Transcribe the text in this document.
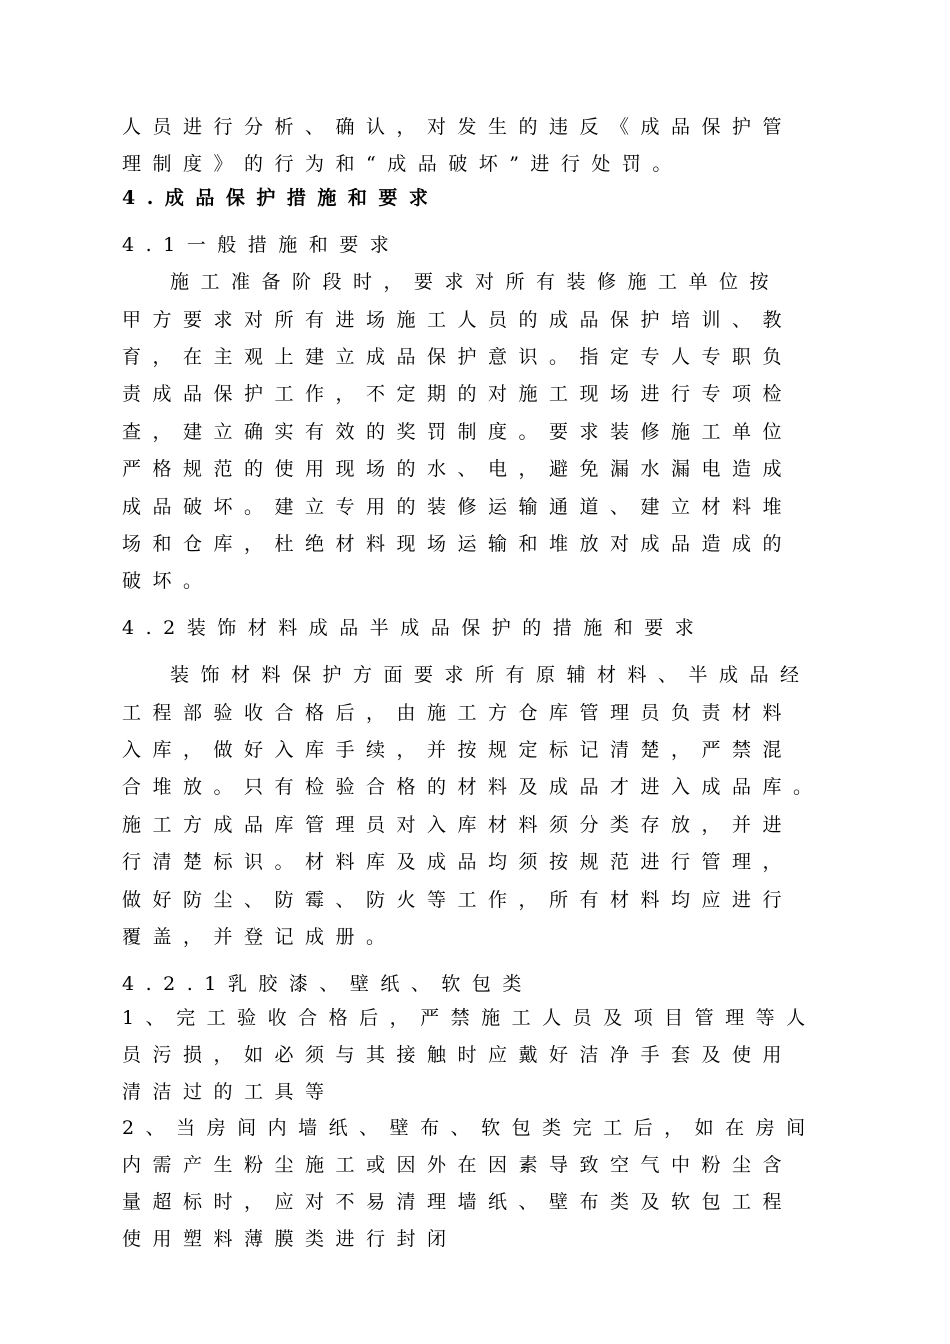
人员进行分析、确认，对发生的违反《成品保护管
理制度》的行为和“成品破坏”进行处罚。
4.成品保护措施和要求
4.1一般措施和要求
施工准备阶段时，要求对所有装修施工单位按
甲方要求对所有进场施工人员的成品保护培训、教
育，在主观上建立成品保护意识。指定专人专职负
责成品保护工作，不定期的对施工现场进行专项检
查，建立确实有效的奖罚制度。要求装修施工单位
严格规范的使用现场的水、电，避免漏水漏电造成
成品破坏。建立专用的装修运输通道、建立材料堆
场和仓库，杜绝材料现场运输和堆放对成品造成的
破坏。
4.2装饰材料成品半成品保护的措施和要求
装饰材料保护方面要求所有原辅材料、半成品经
工程部验收合格后，由施工方仓库管理员负责材料
入库，做好入库手续，并按规定标记清楚，严禁混
合堆放。只有检验合格的材料及成品才进入成品库。
施工方成品库管理员对入库材料须分类存放，并进
行清楚标识。材料库及成品均须按规范进行管理，
做好防尘、防霉、防火等工作，所有材料均应进行
覆盖，并登记成册。
4.2.1乳胶漆、壁纸、软包类
1、完工验收合格后，严禁施工人员及项目管理等人
员污损，如必须与其接触时应戴好洁净手套及使用
清洁过的工具等
2、当房间内墙纸、壁布、软包类完工后，如在房间
内需产生粉尘施工或因外在因素导致空气中粉尘含
量超标时，应对不易清理墙纸、壁布类及软包工程
使用塑料薄膜类进行封闭
